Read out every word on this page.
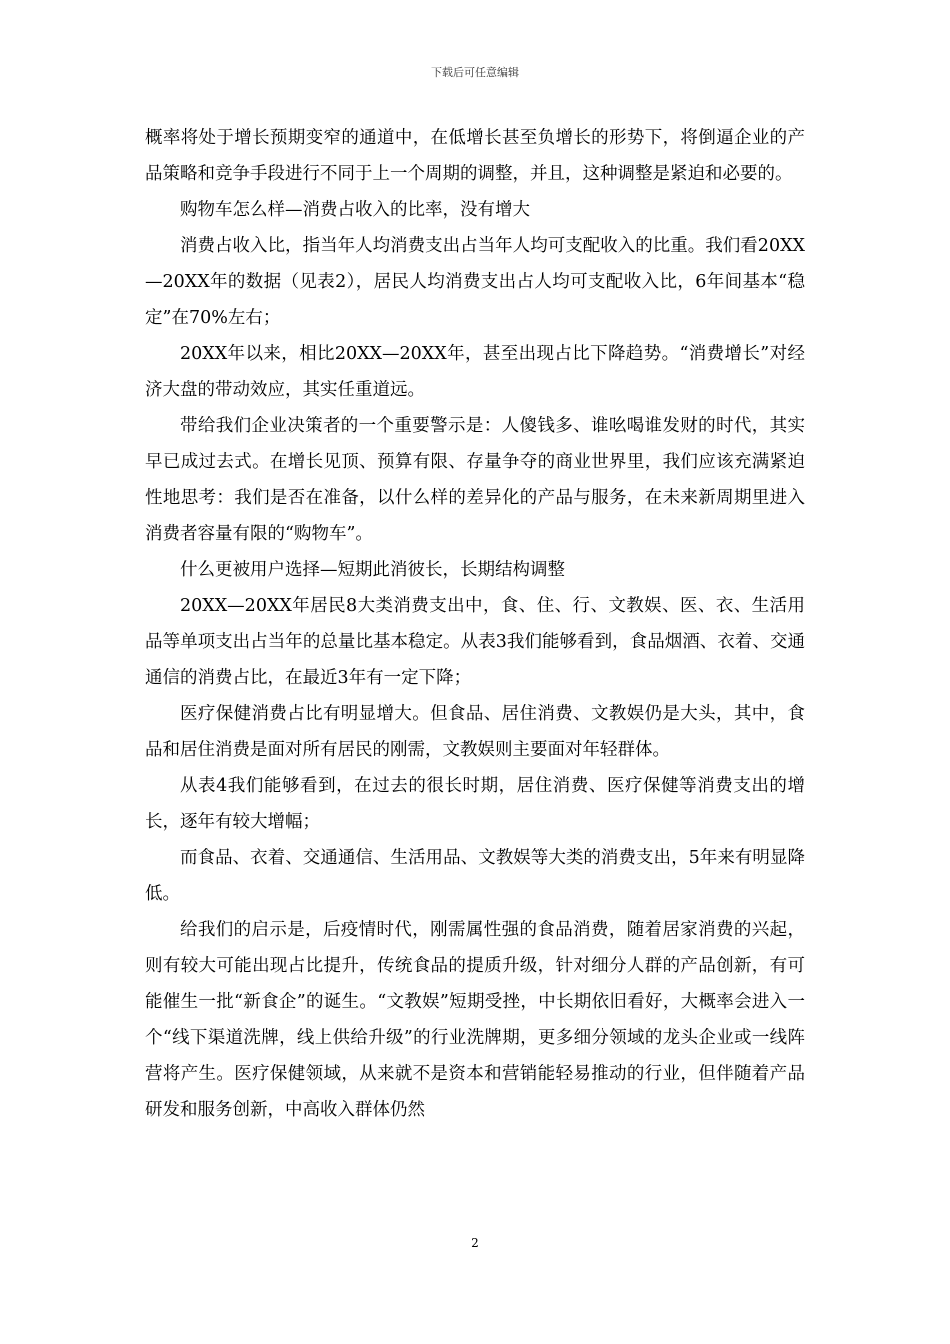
下载后可任意编辑

概率将处于增长预期变窄的通道中，在低增长甚至负增长的形势下，将倒逼企业的产品策略和竞争手段进行不同于上一个周期的调整，并且，这种调整是紧迫和必要的。

购物车怎么样—消费占收入的比率，没有增大

消费占收入比，指当年人均消费支出占当年人均可支配收入的比重。我们看20XX—20XX年的数据（见表2），居民人均消费支出占人均可支配收入比，6年间基本“稳定”在70%左右；

20XX年以来，相比20XX—20XX年，甚至出现占比下降趋势。“消费增长”对经济大盘的带动效应，其实任重道远。

带给我们企业决策者的一个重要警示是：人傻钱多、谁吆喝谁发财的时代，其实早已成过去式。在增长见顶、预算有限、存量争夺的商业世界里，我们应该充满紧迫性地思考：我们是否在准备，以什么样的差异化的产品与服务，在未来新周期里进入消费者容量有限的“购物车”。

什么更被用户选择—短期此消彼长，长期结构调整

20XX—20XX年居民8大类消费支出中，食、住、行、文教娱、医、衣、生活用品等单项支出占当年的总量比基本稳定。从表3我们能够看到，食品烟酒、衣着、交通通信的消费占比，在最近3年有一定下降；

医疗保健消费占比有明显增大。但食品、居住消费、文教娱仍是大头，其中，食品和居住消费是面对所有居民的刚需，文教娱则主要面对年轻群体。

从表4我们能够看到，在过去的很长时期，居住消费、医疗保健等消费支出的增长，逐年有较大增幅；

而食品、衣着、交通通信、生活用品、文教娱等大类的消费支出，5年来有明显降低。

给我们的启示是，后疫情时代，刚需属性强的食品消费，随着居家消费的兴起，则有较大可能出现占比提升，传统食品的提质升级，针对细分人群的产品创新，有可能催生一批“新食企”的诞生。“文教娱”短期受挫，中长期依旧看好，大概率会进入一个“线下渠道洗牌，线上供给升级”的行业洗牌期，更多细分领域的龙头企业或一线阵营将产生。医疗保健领域，从来就不是资本和营销能轻易推动的行业，但伴随着产品研发和服务创新，中高收入群体仍然

2
